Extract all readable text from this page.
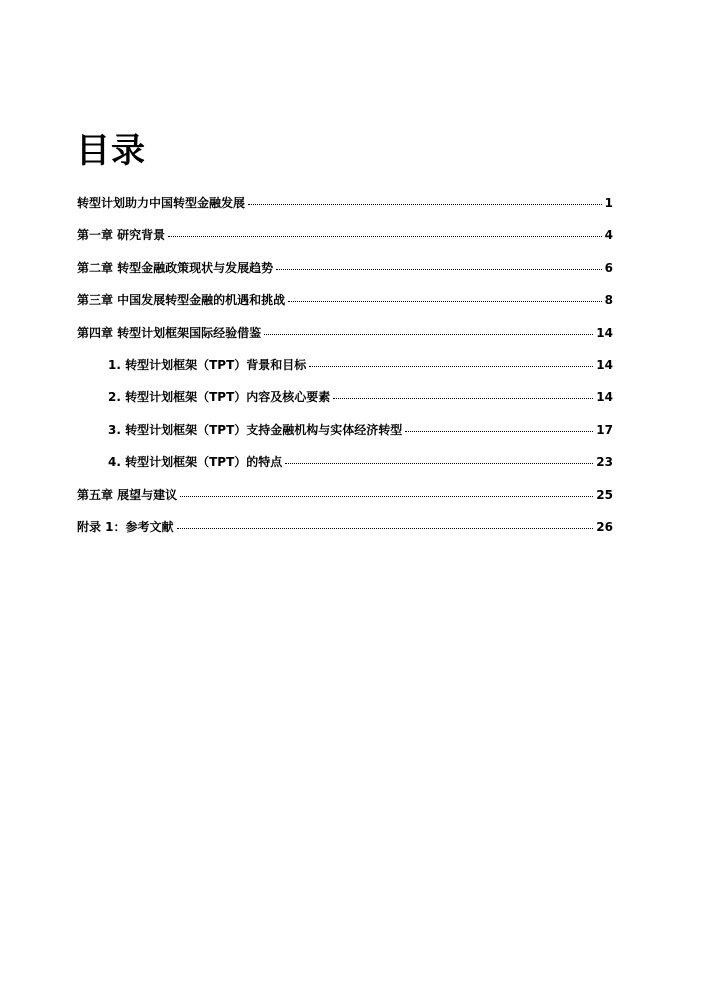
目录
转型计划助力中国转型金融发展	1
第一章 研究背景	4
第二章 转型金融政策现状与发展趋势	6
第三章 中国发展转型金融的机遇和挑战	8
第四章 转型计划框架国际经验借鉴	14
1. 转型计划框架（TPT）背景和目标	14
2. 转型计划框架（TPT）内容及核心要素	14
3. 转型计划框架（TPT）支持金融机构与实体经济转型	17
4. 转型计划框架（TPT）的特点	23
第五章 展望与建议	25
附录 1：参考文献	26
